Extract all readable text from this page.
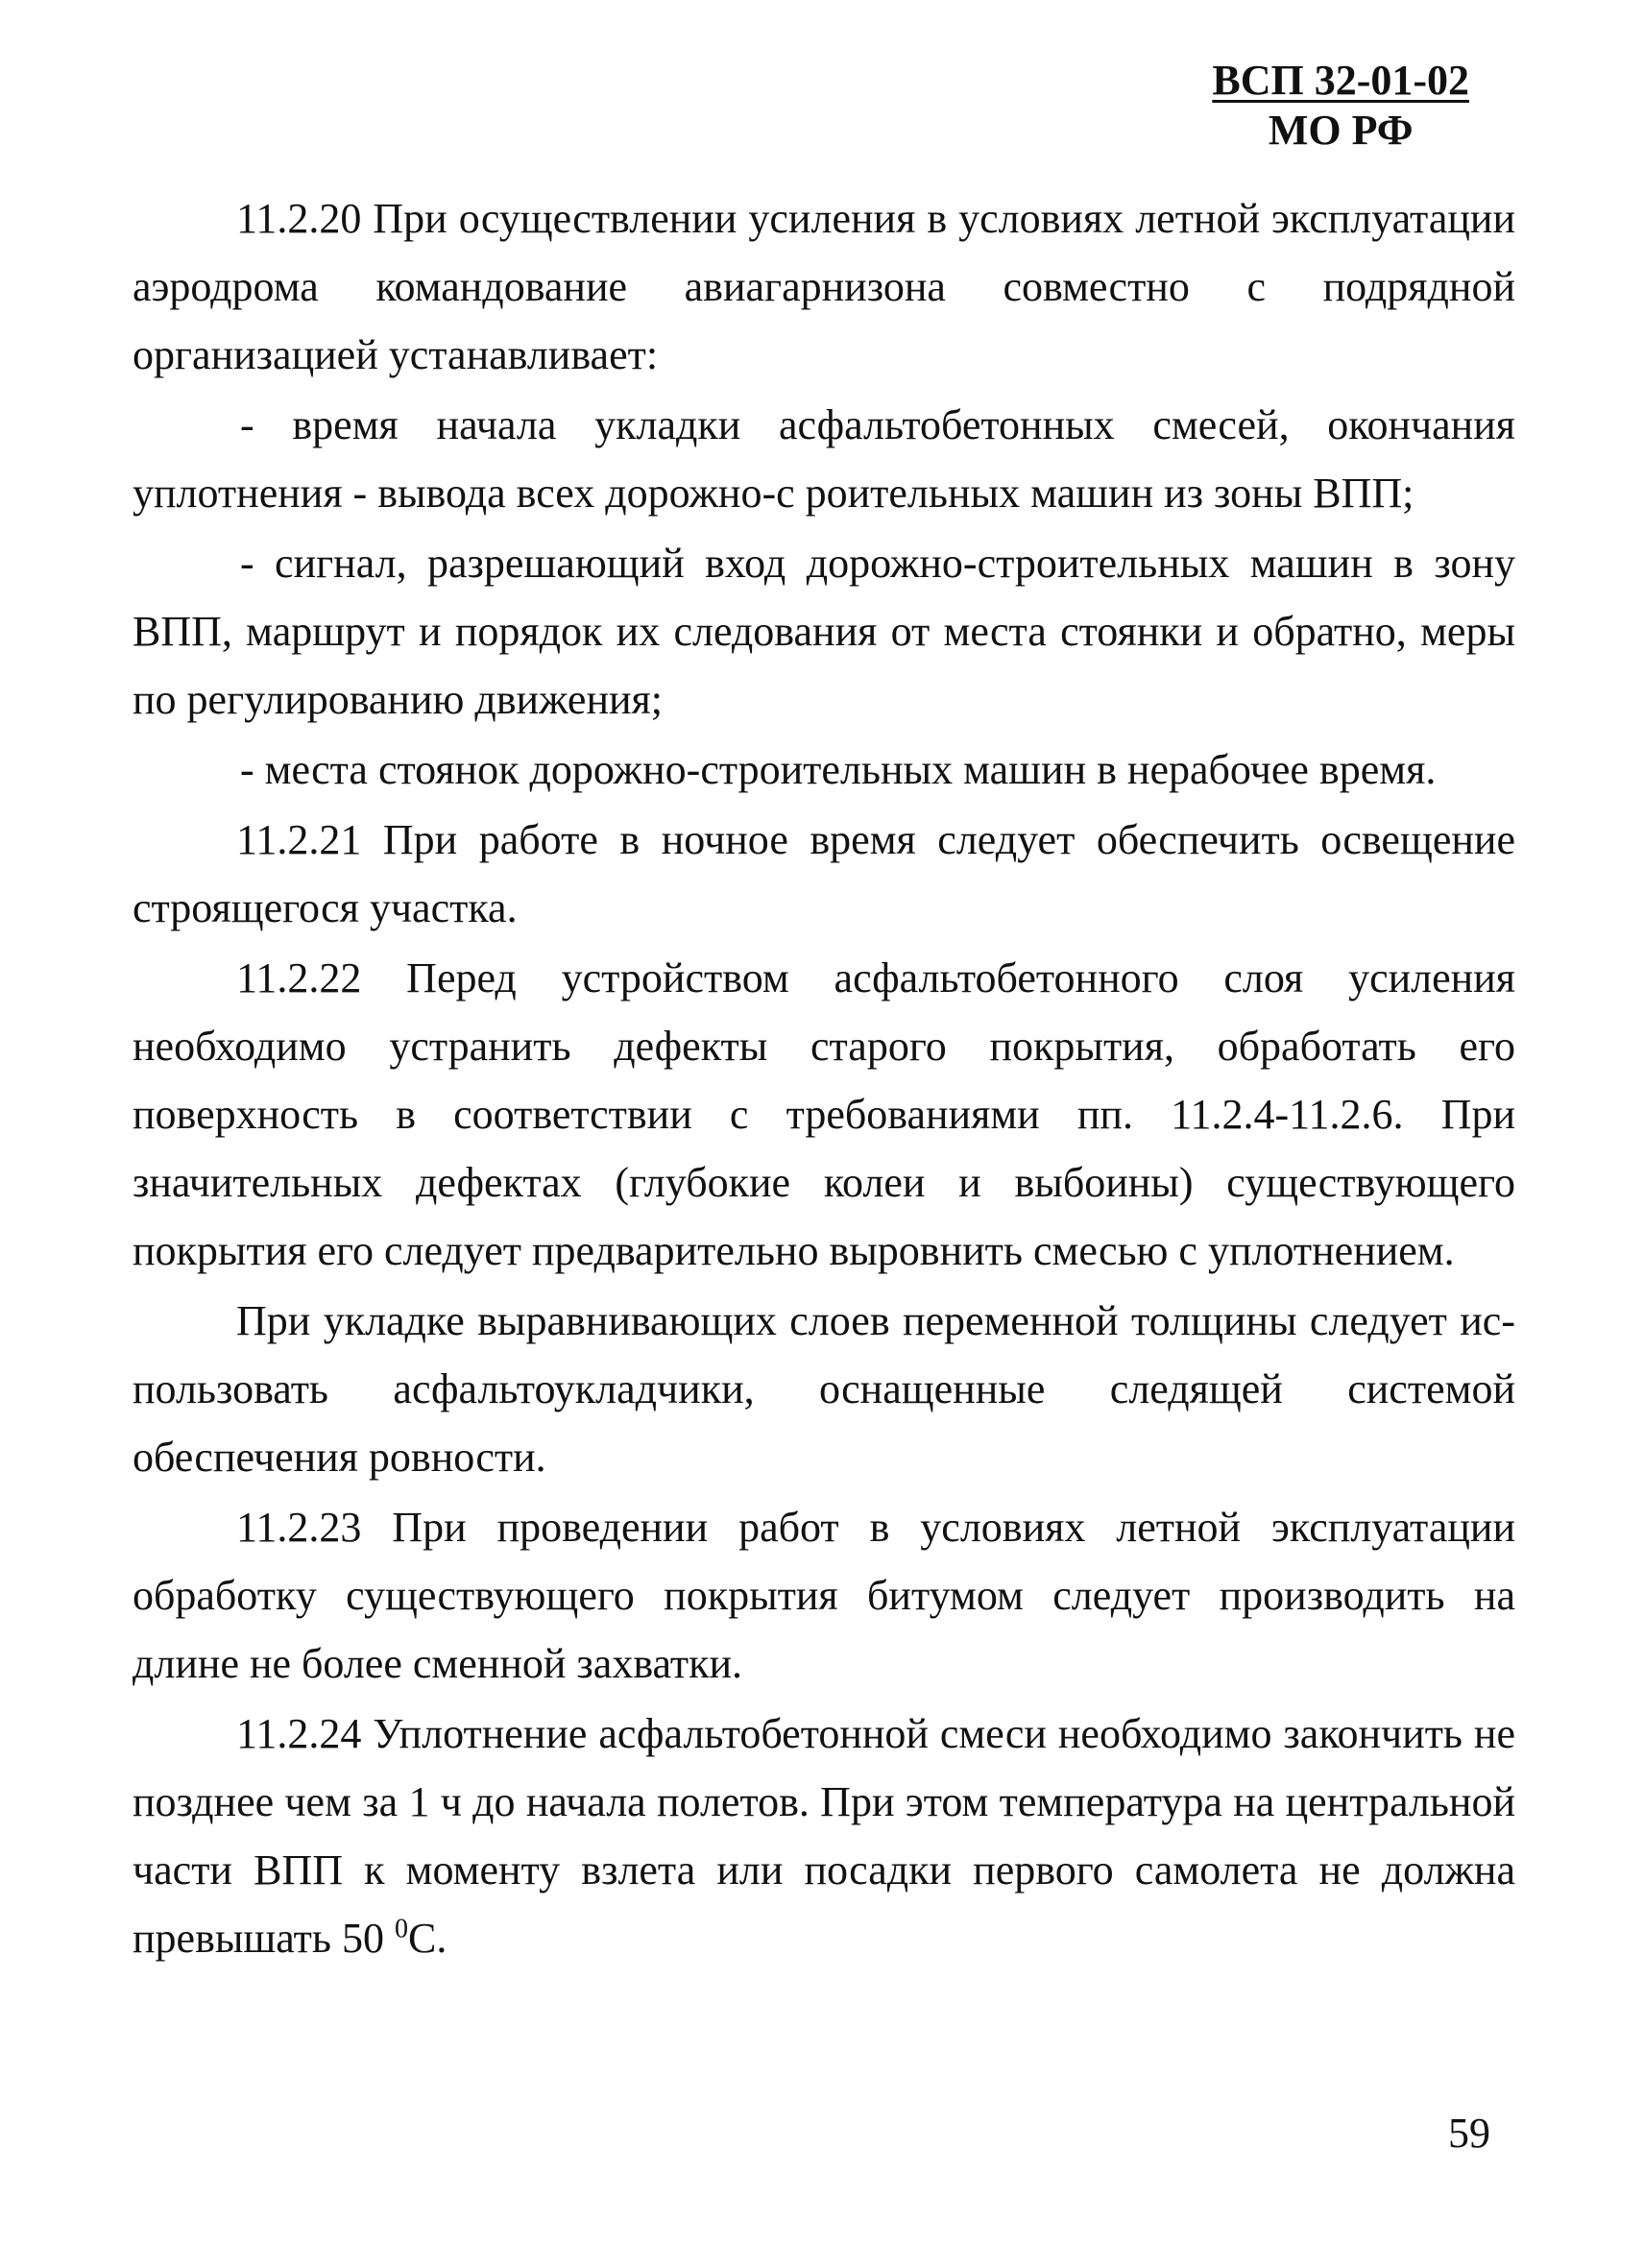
ВСП 32-01-02
МО РФ

11.2.20 При осуществлении усиления в условиях летной эксплуатации аэродрома командование авиагарнизона совместно с подрядной организацией устанавливает:

- время начала укладки асфальтобетонных смесей, окончания уплотнения - вывода всех дорожно-с роительных машин из зоны ВПП;

- сигнал, разрешающий вход дорожно-строительных машин в зону ВПП, маршрут и порядок их следования от места стоянки и обратно, меры по регулированию движения;

- места стоянок дорожно-строительных машин в нерабочее время.

11.2.21 При работе в ночное время следует обеспечить освещение строящегося участка.

11.2.22 Перед устройством асфальтобетонного слоя усиления необходимо устранить дефекты старого покрытия, обработать его поверхность в соответствии с требованиями пп. 11.2.4-11.2.6. При значительных дефектах (глубокие колеи и выбоины) существующего покрытия его следует предварительно выровнить смесью с уплотнением.

При укладке выравнивающих слоев переменной толщины следует использовать асфальтоукладчики, оснащенные следящей системой обеспечения ровности.

11.2.23 При проведении работ в условиях летной эксплуатации обработку существующего покрытия битумом следует производить на длине не более сменной захватки.

11.2.24 Уплотнение асфальтобетонной смеси необходимо закончить не позднее чем за 1 ч до начала полетов. При этом температура на центральной части ВПП к моменту взлета или посадки первого самолета не должна превышать 50 $^0$С.

59
